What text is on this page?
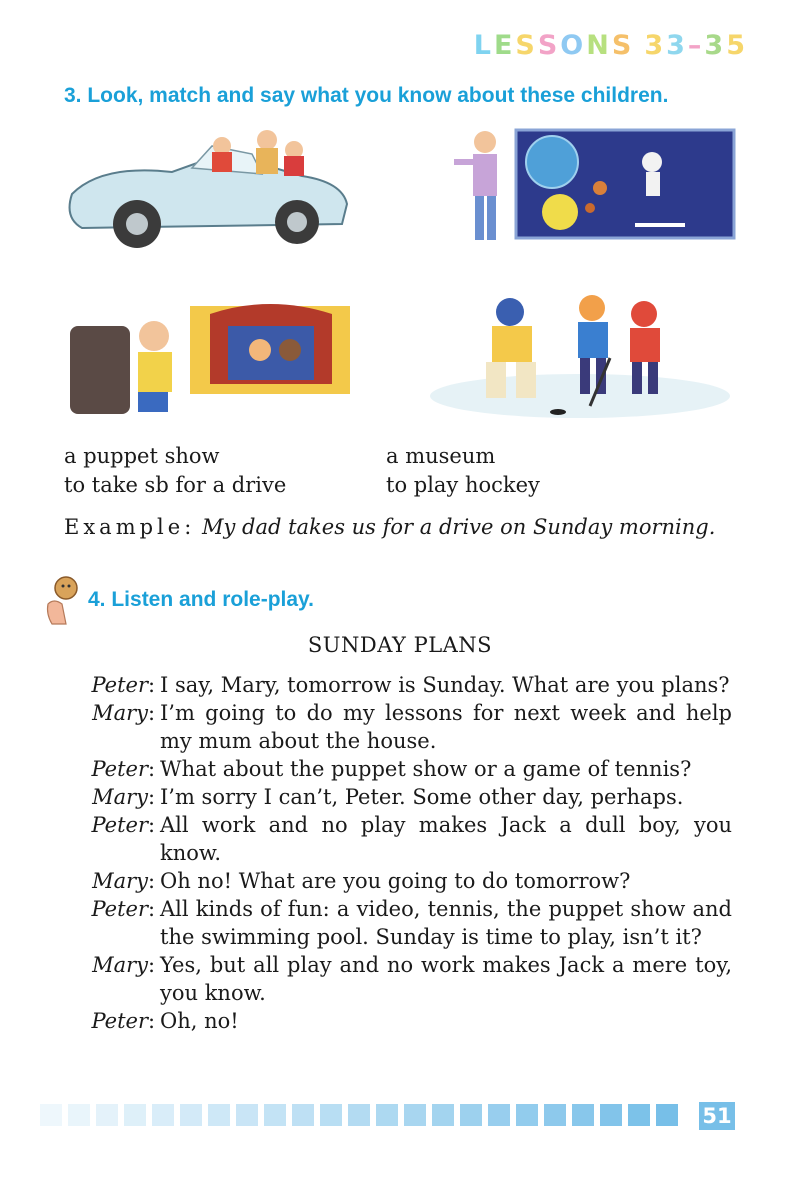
LESSONS 33–35
3. Look, match and say what you know about these children.
a puppet show
to take sb for a drive
a museum
to play hockey
Example: My dad takes us for a drive on Sunday morning.
4. Listen and role-play.
SUNDAY PLANS
Peter : I say, Mary, tomorrow is Sunday. What are you plans?
Mary : I’m going to do my lessons for next week and help my mum about the house.
Peter : What about the puppet show or a game of tennis?
Mary : I’m sorry I can’t, Peter. Some other day, perhaps.
Peter : All work and no play makes Jack a dull boy, you know.
Mary : Oh no! What are you going to do tomorrow?
Peter : All kinds of fun: a video, tennis, the puppet show and the swimming pool. Sunday is time to play, isn’t it?
Mary : Yes, but all play and no work makes Jack a mere toy, you know.
Peter : Oh, no!
51
